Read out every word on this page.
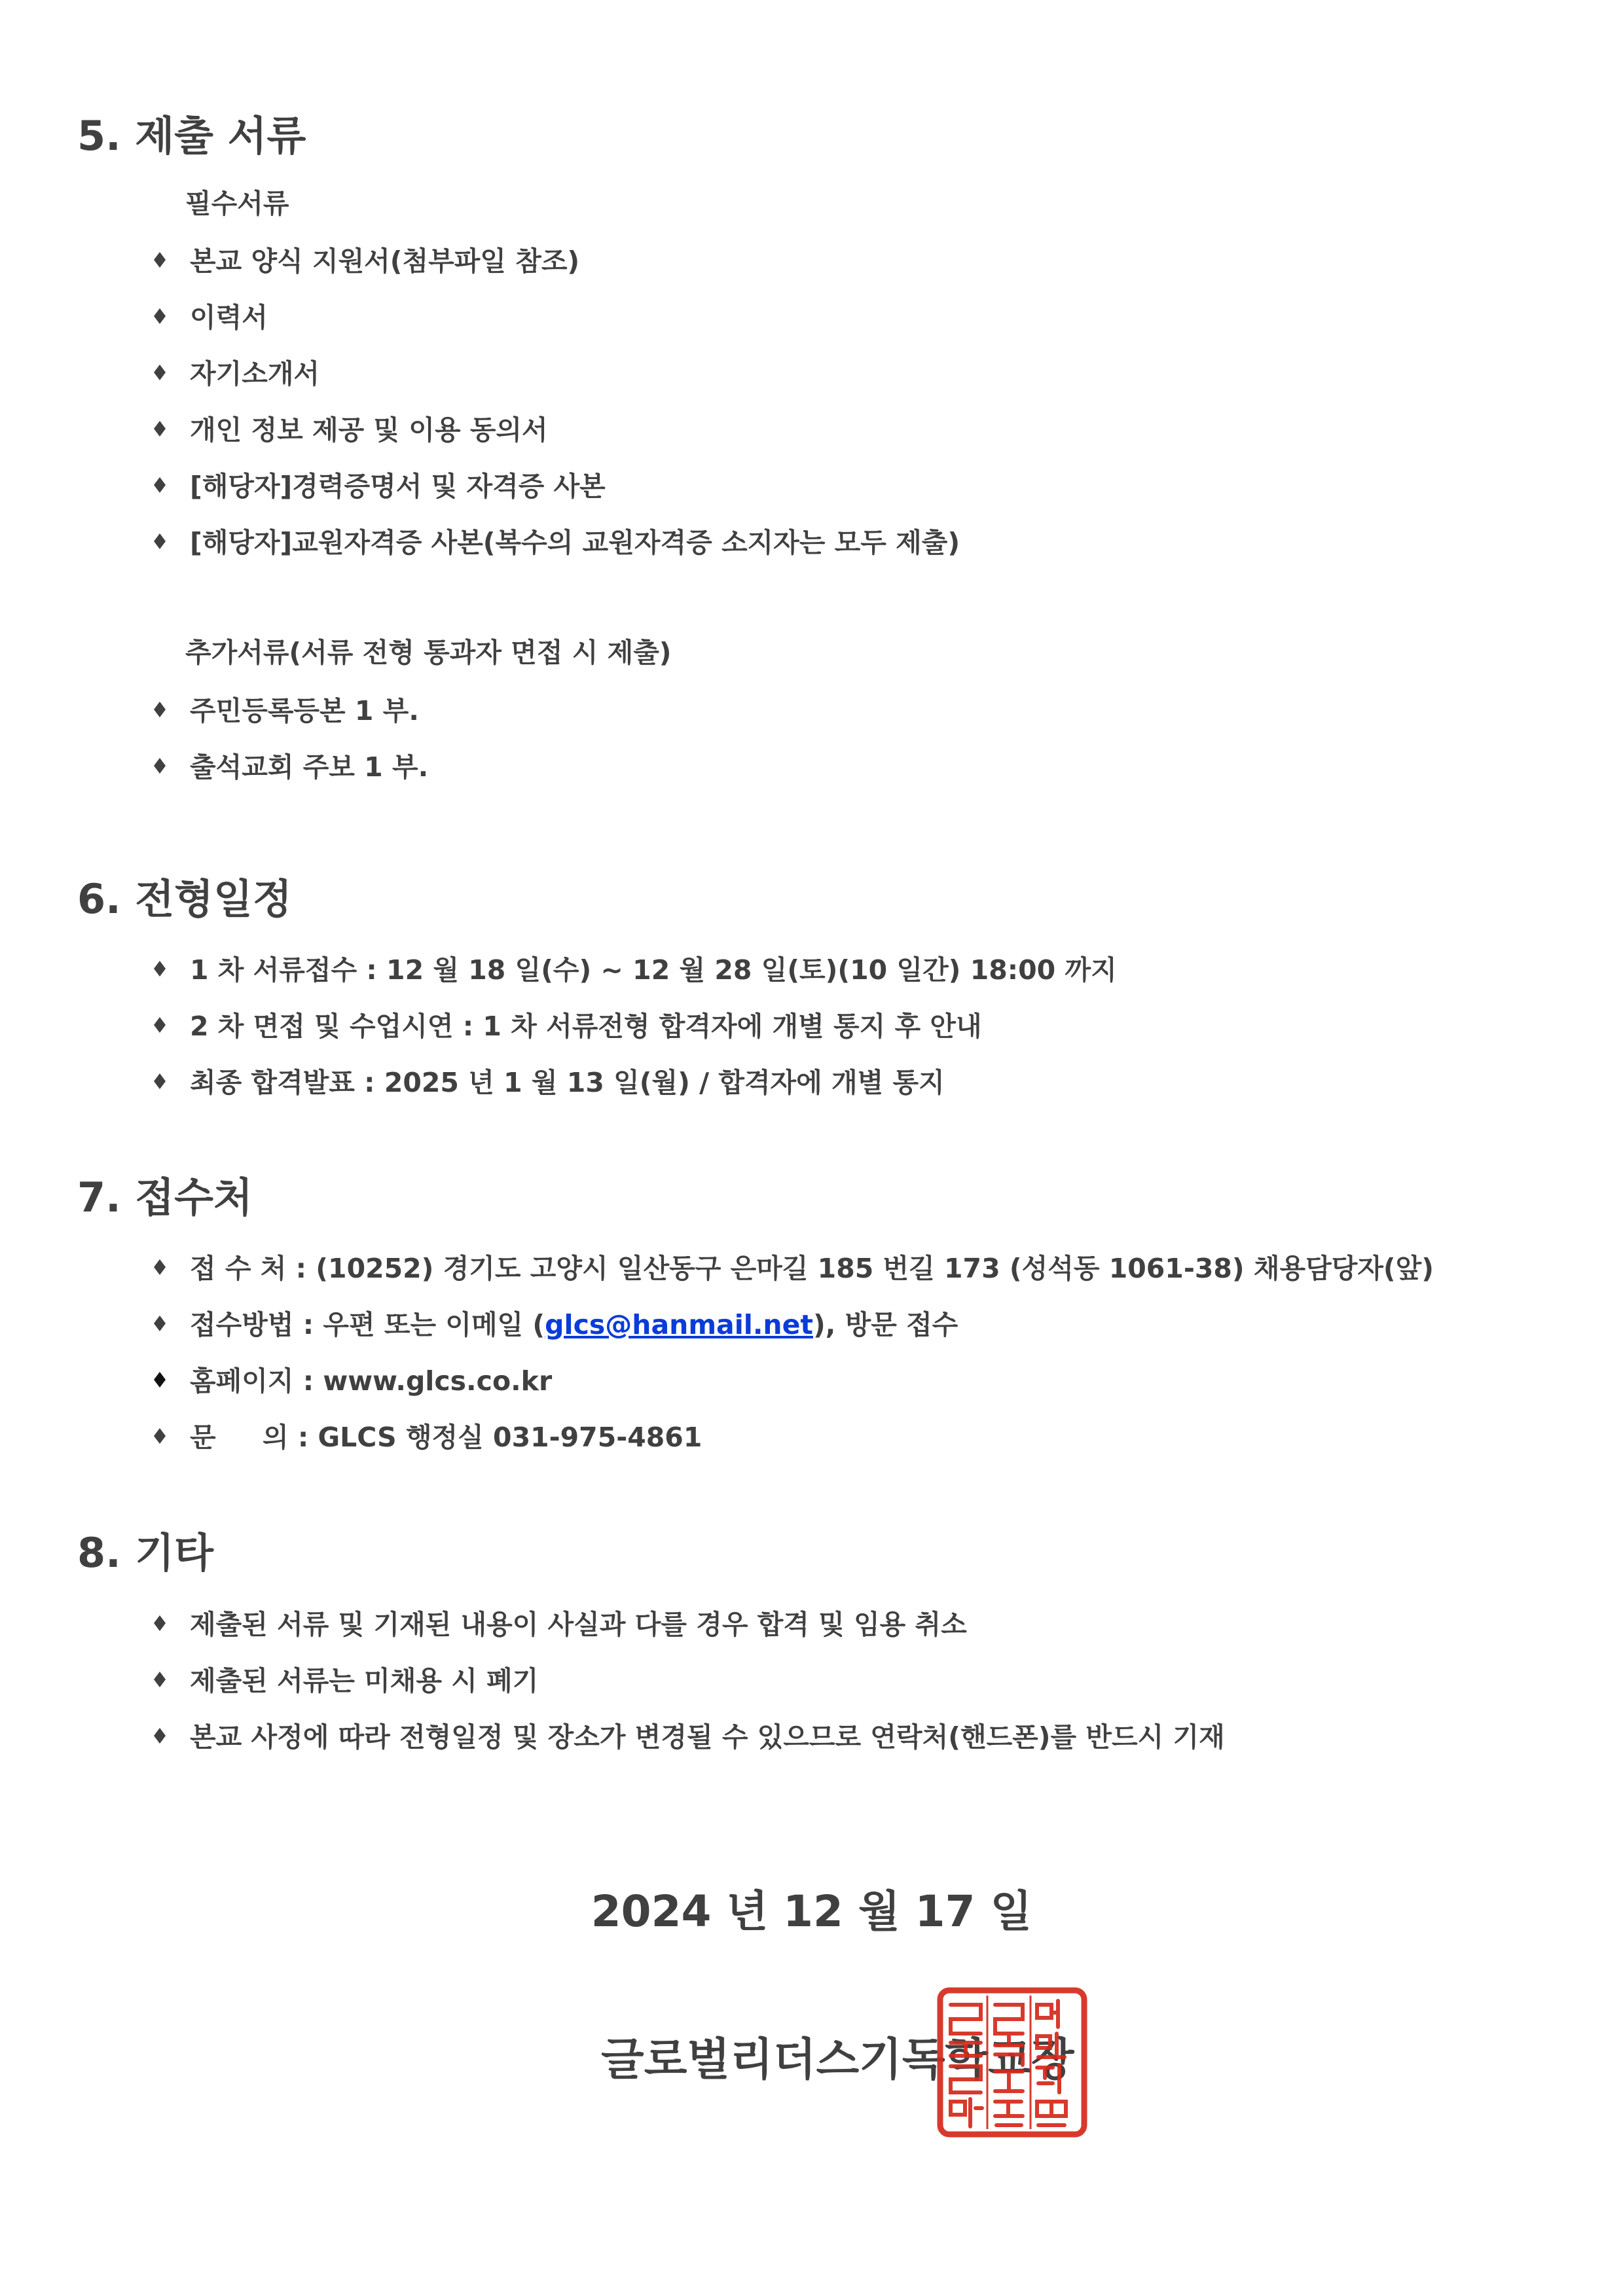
5. 제출 서류
필수서류
본교 양식 지원서(첨부파일 참조)
이력서
자기소개서
개인 정보 제공 및 이용 동의서
[해당자]경력증명서 및 자격증 사본
[해당자]교원자격증 사본(복수의 교원자격증 소지자는 모두 제출)
추가서류(서류 전형 통과자 면접 시 제출)
주민등록등본 1 부.
출석교회 주보 1 부.
6. 전형일정
1 차 서류접수 : 12 월 18 일(수) ~ 12 월 28 일(토)(10 일간) 18:00 까지
2 차 면접 및 수업시연 : 1 차 서류전형 합격자에 개별 통지 후 안내
최종 합격발표 : 2025 년 1 월 13 일(월) / 합격자에 개별 통지
7. 접수처
접 수 처 : (10252) 경기도 고양시 일산동구 은마길 185 번길 173 (성석동 1061-38) 채용담당자(앞)
접수방법 : 우편 또는 이메일 (glcs@hanmail.net), 방문 접수
홈페이지 : www.glcs.co.kr
문     의 : GLCS 행정실 031-975-4861
8. 기타
제출된 서류 및 기재된 내용이 사실과 다를 경우 합격 및 임용 취소
제출된 서류는 미채용 시 폐기
본교 사정에 따라 전형일정 및 장소가 변경될 수 있으므로 연락처(핸드폰)를 반드시 기재
2024 년 12 월 17 일
글로벌리더스기독학교장
